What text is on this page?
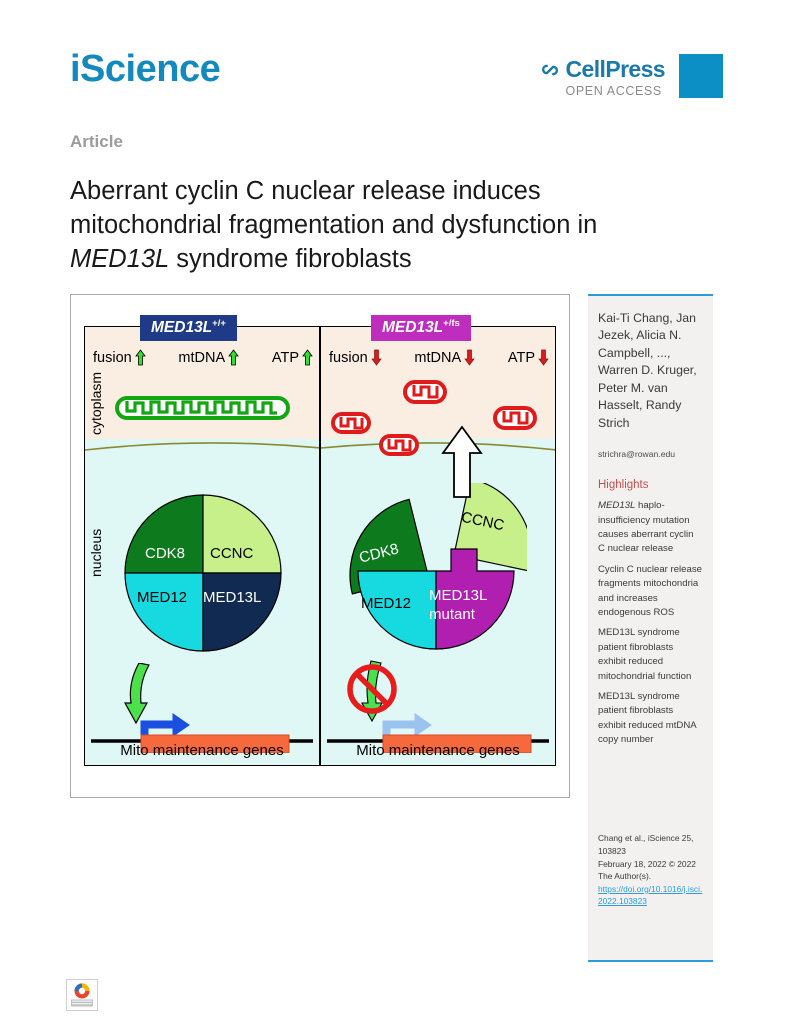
iScience	CellPress
OPEN ACCESS
Article
Aberrant cyclin C nuclear release induces
mitochondrial fragmentation and dysfunction in
MED13L syndrome fibroblasts
MED13L+/+
cytoplasm
nucleus
fusion	mtDNA	ATP
CDK8 CCNC
MED12 MED13L
Mito maintenance genes
$MED13L^{+/fs}$
fusion	mtDNA	ATP
CDK8
CCNC
MED12 MED13L
mutant
Mito maintenance genes
Kai-Ti Chang, Jan Jezek, Alicia N. Campbell, ..., Warren D. Kruger, Peter M. van Hasselt, Randy Strich
strichra@rowan.edu
Highlights
MED13L haplo-insufficiency mutation causes aberrant cyclin C nuclear release
Cyclin C nuclear release fragments mitochondria and increases endogenous ROS
MED13L syndrome patient fibroblasts exhibit reduced mitochondrial function
MED13L syndrome patient fibroblasts exhibit reduced mtDNA copy number
Chang et al., iScience 25, 103823
February 18, 2022 © 2022 The Author(s).
https://doi.org/10.1016/j.isci.2022.103823
